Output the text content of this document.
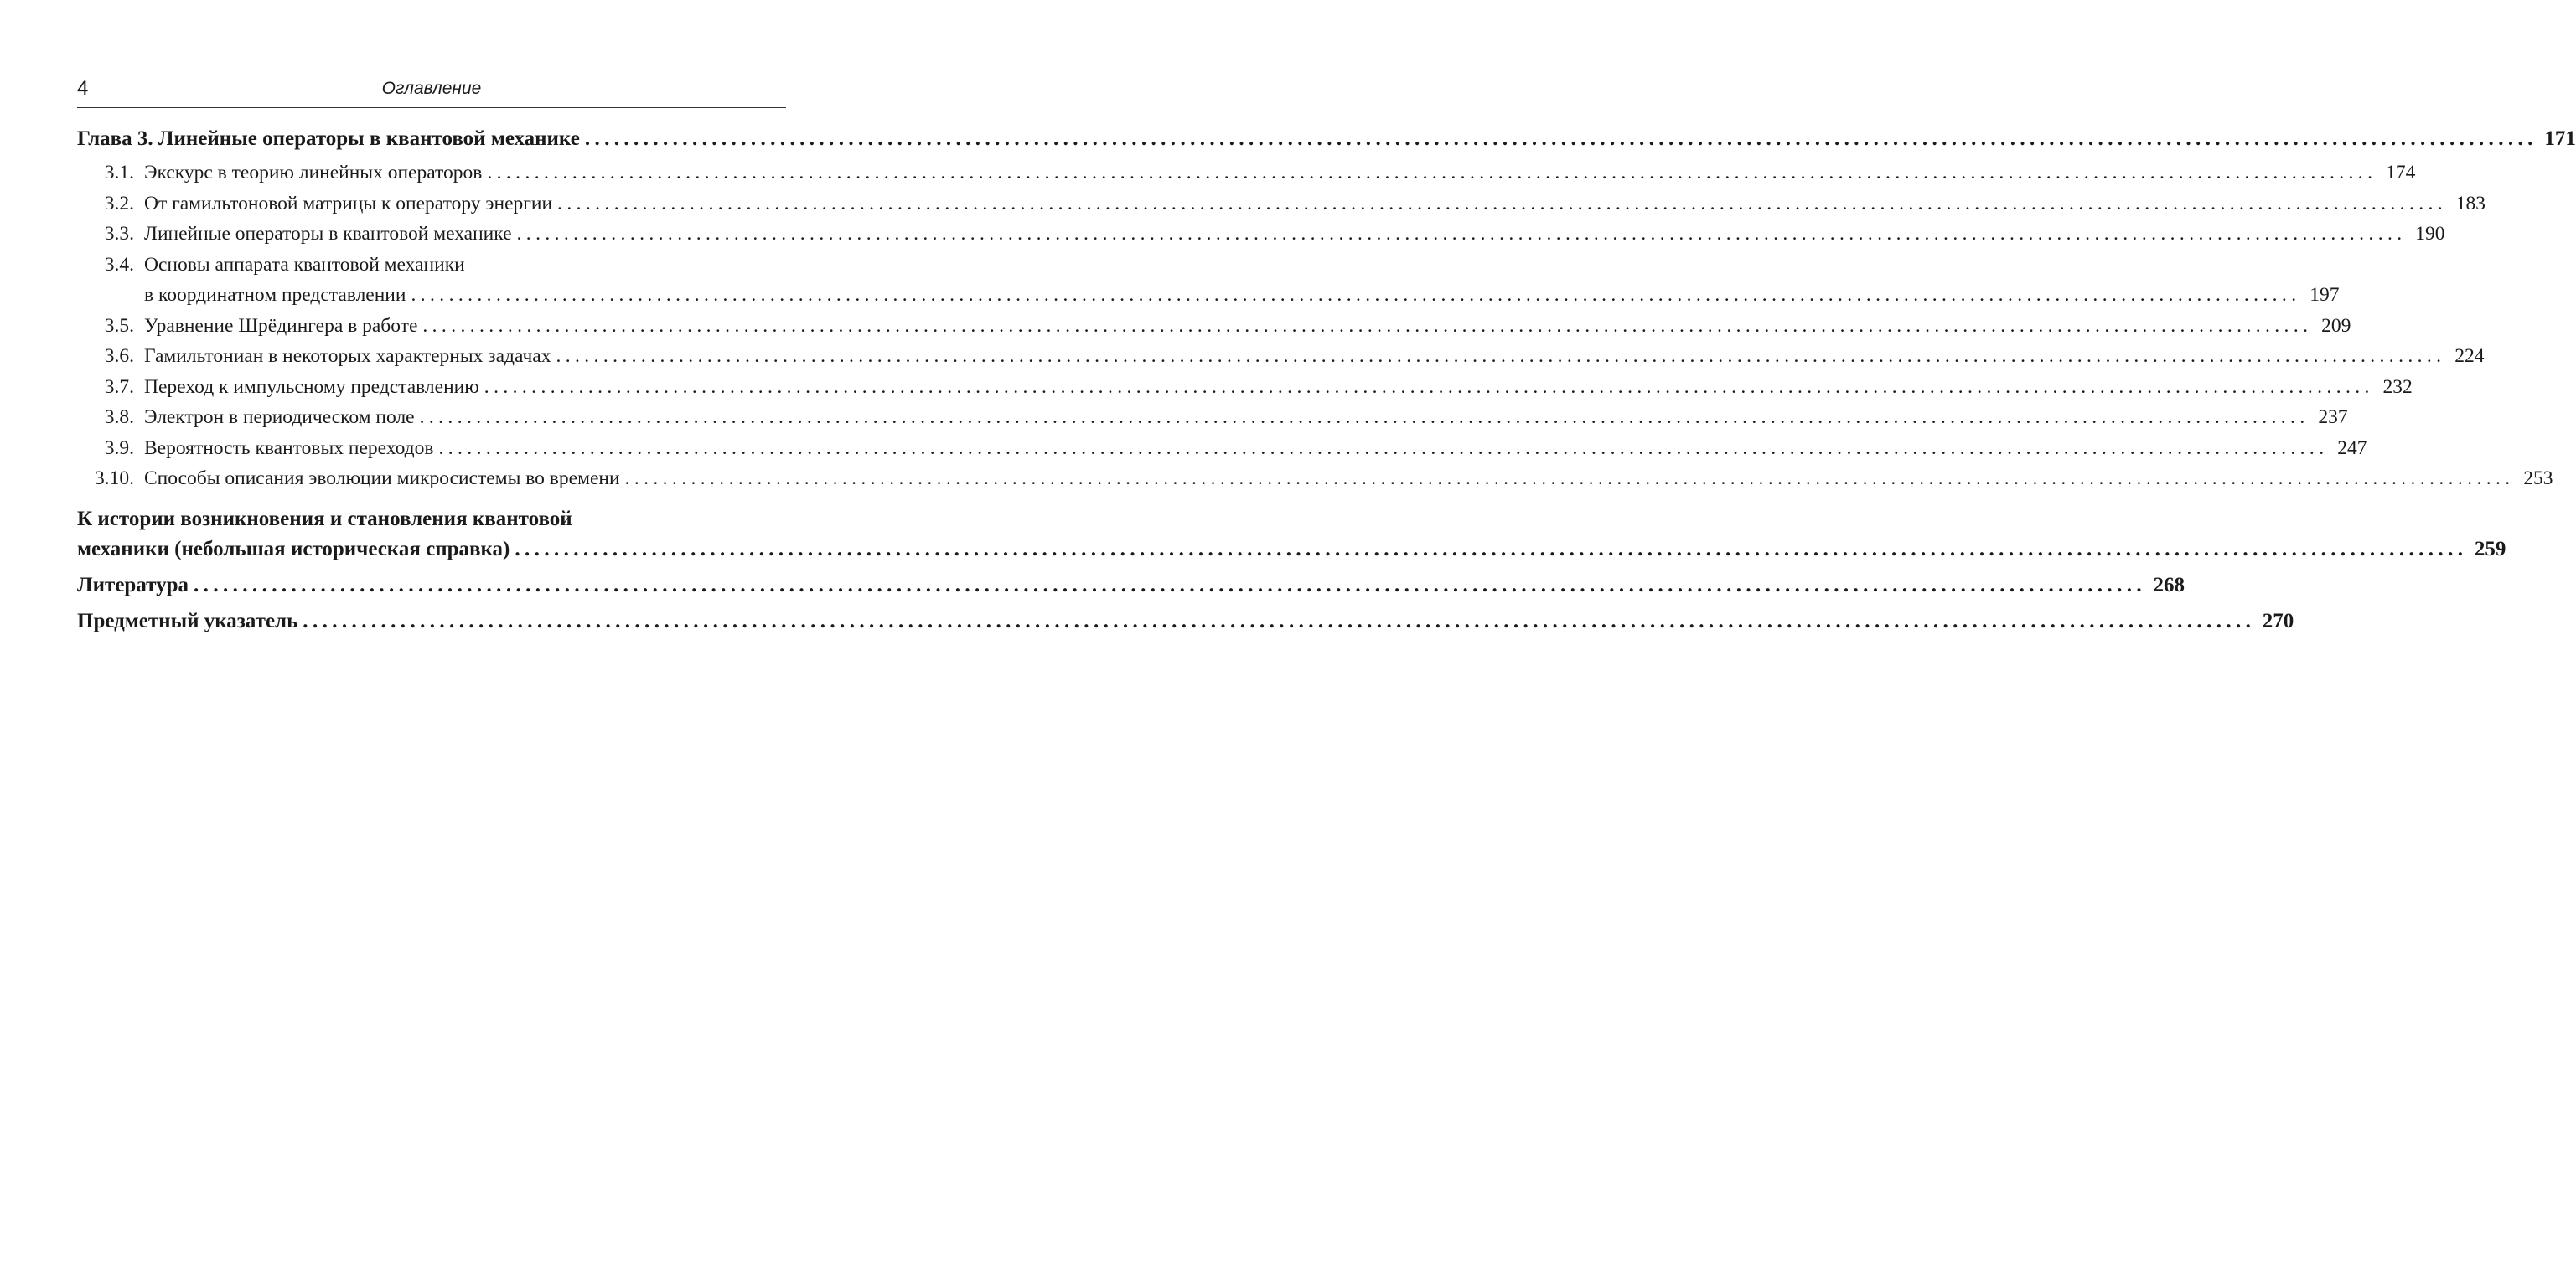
4	Оглавление
Глава 3. Линейные операторы в квантовой механике ........................................................................................................................................................................................................ 171
3.1. Экскурс в теорию линейных операторов ........................................................................................................................................................................................................ 174
3.2. От гамильтоновой матрицы к оператору энергии ........................................................................................................................................................................................................ 183
3.3. Линейные операторы в квантовой механике ........................................................................................................................................................................................................ 190
3.4. Основы аппарата квантовой механики
в координатном представлении ........................................................................................................................................................................................................ 197
3.5. Уравнение Шрёдингера в работе ........................................................................................................................................................................................................ 209
3.6. Гамильтониан в некоторых характерных задачах ........................................................................................................................................................................................................ 224
3.7. Переход к импульсному представлению ........................................................................................................................................................................................................ 232
3.8. Электрон в периодическом поле ........................................................................................................................................................................................................ 237
3.9. Вероятность квантовых переходов ........................................................................................................................................................................................................ 247
3.10. Способы описания эволюции микросистемы во времени ........................................................................................................................................................................................................ 253
К истории возникновения и становления квантовой
механики (небольшая историческая справка) ........................................................................................................................................................................................................ 259
Литература ........................................................................................................................................................................................................ 268
Предметный указатель ........................................................................................................................................................................................................ 270
